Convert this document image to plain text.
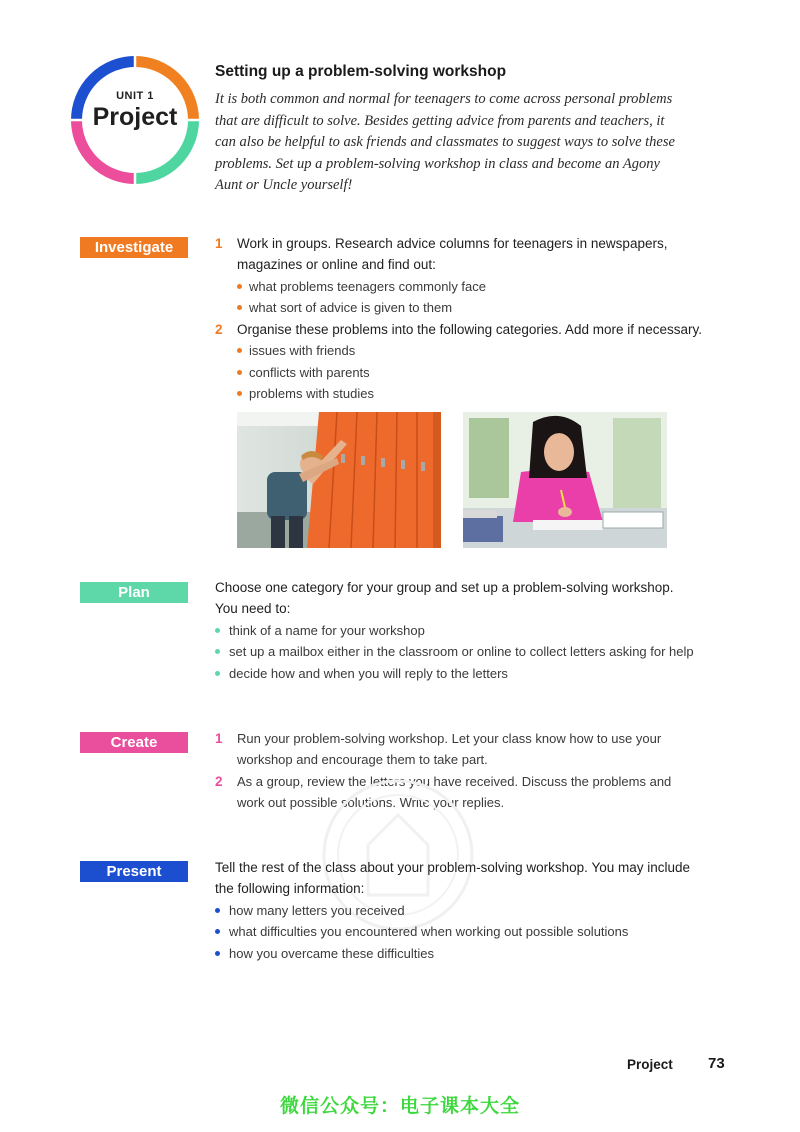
UNIT 1
Project
Setting up a problem-solving workshop
It is both common and normal for teenagers to come across personal problems
that are difficult to solve. Besides getting advice from parents and teachers, it
can also be helpful to ask friends and classmates to suggest ways to solve these
problems. Set up a problem-solving workshop in class and become an Agony
Aunt or Uncle yourself!
Investigate	1 Work in groups. Research advice columns for teenagers in newspapers,
magazines or online and find out:
what problems teenagers commonly face
what sort of advice is given to them
2 Organise these problems into the following categories. Add more if necessary.
issues with friends
conflicts with parents
problems with studies
Plan	Choose one category for your group and set up a problem-solving workshop.
You need to:
think of a name for your workshop
set up a mailbox either in the classroom or online to collect letters asking for help
decide how and when you will reply to the letters
Create	1 Run your problem-solving workshop. Let your class know how to use your
workshop and encourage them to take part.
2 As a group, review the letters you have received. Discuss the problems and
work out possible solutions. Write your replies.
Present	Tell the rest of the class about your problem-solving workshop. You may include
the following information:
how many letters you received
what difficulties you encountered when working out possible solutions
how you overcame these difficulties
Project 73
微信公众号：电子课本大全
